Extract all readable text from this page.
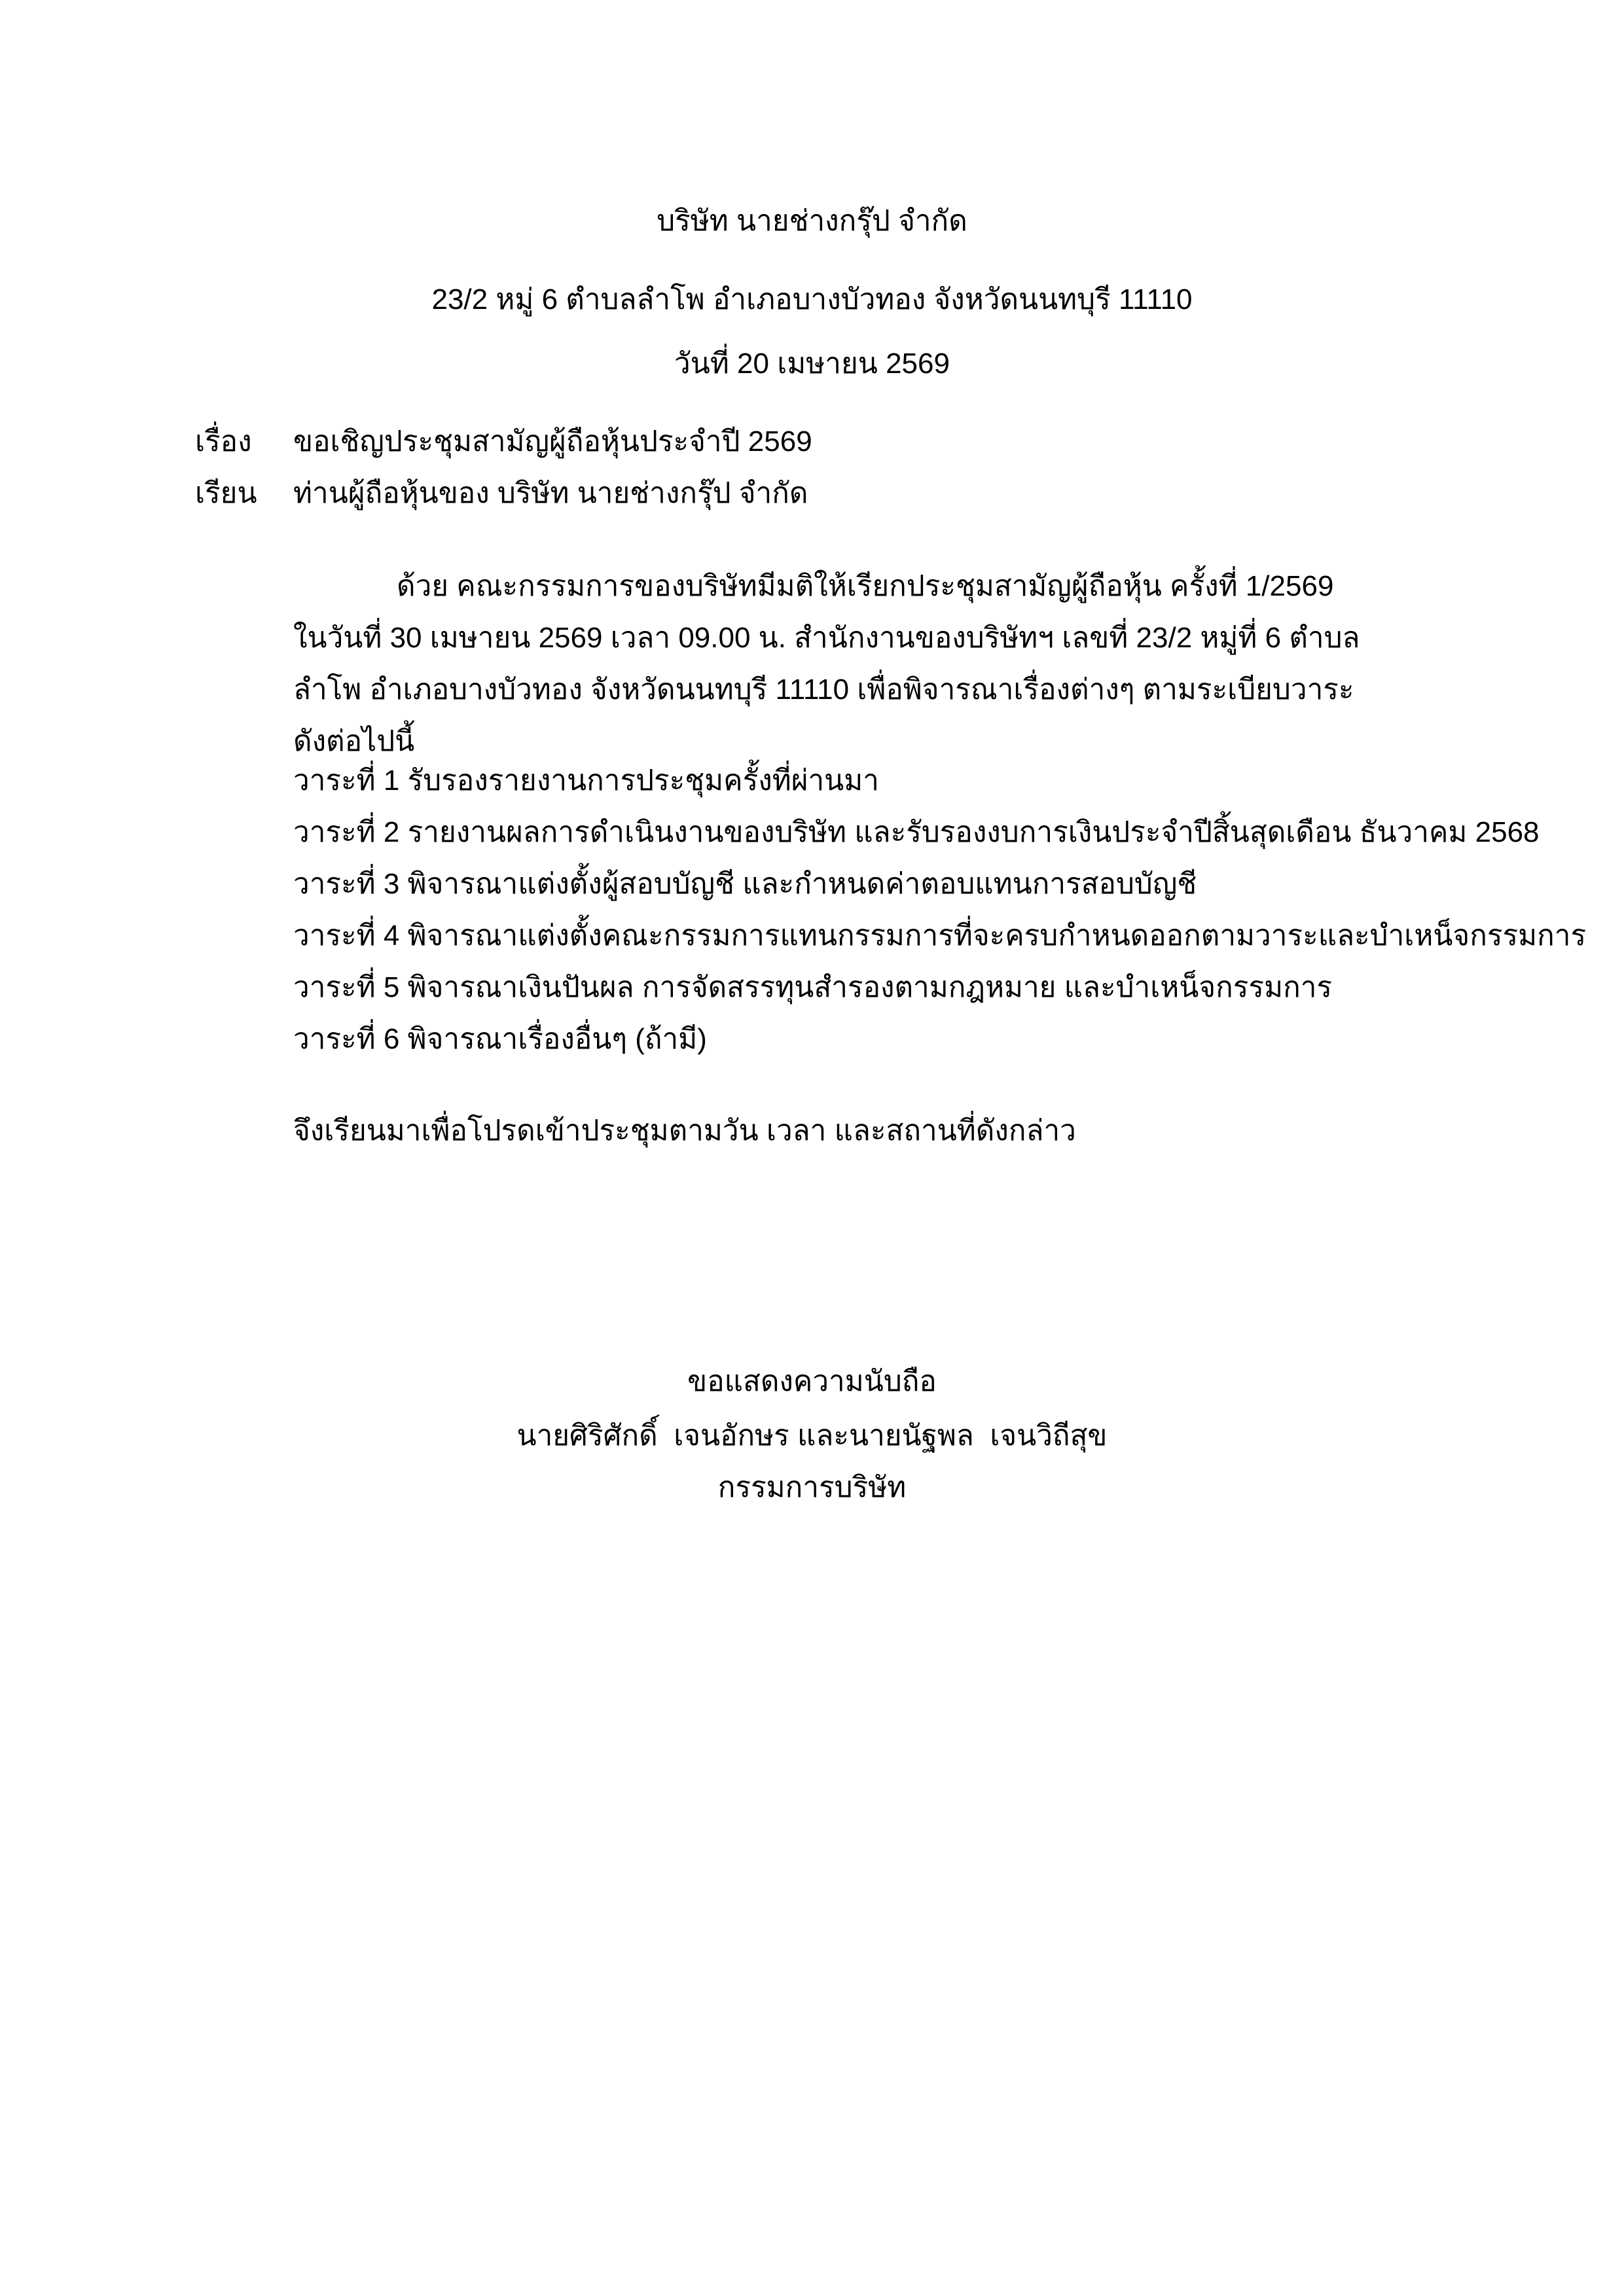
บริษัท นายช่างกรุ๊ป จำกัด
23/2 หมู่ 6 ตำบลลำโพ อำเภอบางบัวทอง จังหวัดนนทบุรี 11110
วันที่ 20 เมษายน 2569
เรื่อง ขอเชิญประชุมสามัญผู้ถือหุ้นประจำปี 2569
เรียน ท่านผู้ถือหุ้นของ บริษัท นายช่างกรุ๊ป จำกัด
ด้วย คณะกรรมการของบริษัทมีมติให้เรียกประชุมสามัญผู้ถือหุ้น ครั้งที่ 1/2569 ในวันที่ 30 เมษายน 2569 เวลา 09.00 น. สำนักงานของบริษัทฯ เลขที่ 23/2 หมู่ที่ 6 ตำบลลำโพ อำเภอบางบัวทอง จังหวัดนนทบุรี 11110 เพื่อพิจารณาเรื่องต่างๆ ตามระเบียบวาระดังต่อไปนี้
วาระที่ 1 รับรองรายงานการประชุมครั้งที่ผ่านมา
วาระที่ 2 รายงานผลการดำเนินงานของบริษัท และรับรองงบการเงินประจำปีสิ้นสุดเดือน ธันวาคม 2568
วาระที่ 3 พิจารณาแต่งตั้งผู้สอบบัญชี และกำหนดค่าตอบแทนการสอบบัญชี
วาระที่ 4 พิจารณาแต่งตั้งคณะกรรมการแทนกรรมการที่จะครบกำหนดออกตามวาระและบำเหน็จกรรมการ
วาระที่ 5 พิจารณาเงินปันผล การจัดสรรทุนสำรองตามกฎหมาย และบำเหน็จกรรมการ
วาระที่ 6 พิจารณาเรื่องอื่นๆ (ถ้ามี)
จึงเรียนมาเพื่อโปรดเข้าประชุมตามวัน เวลา และสถานที่ดังกล่าว
ขอแสดงความนับถือ
นายศิริศักดิ์  เจนอักษร และนายนัฐพล  เจนวิถีสุข
กรรมการบริษัท
